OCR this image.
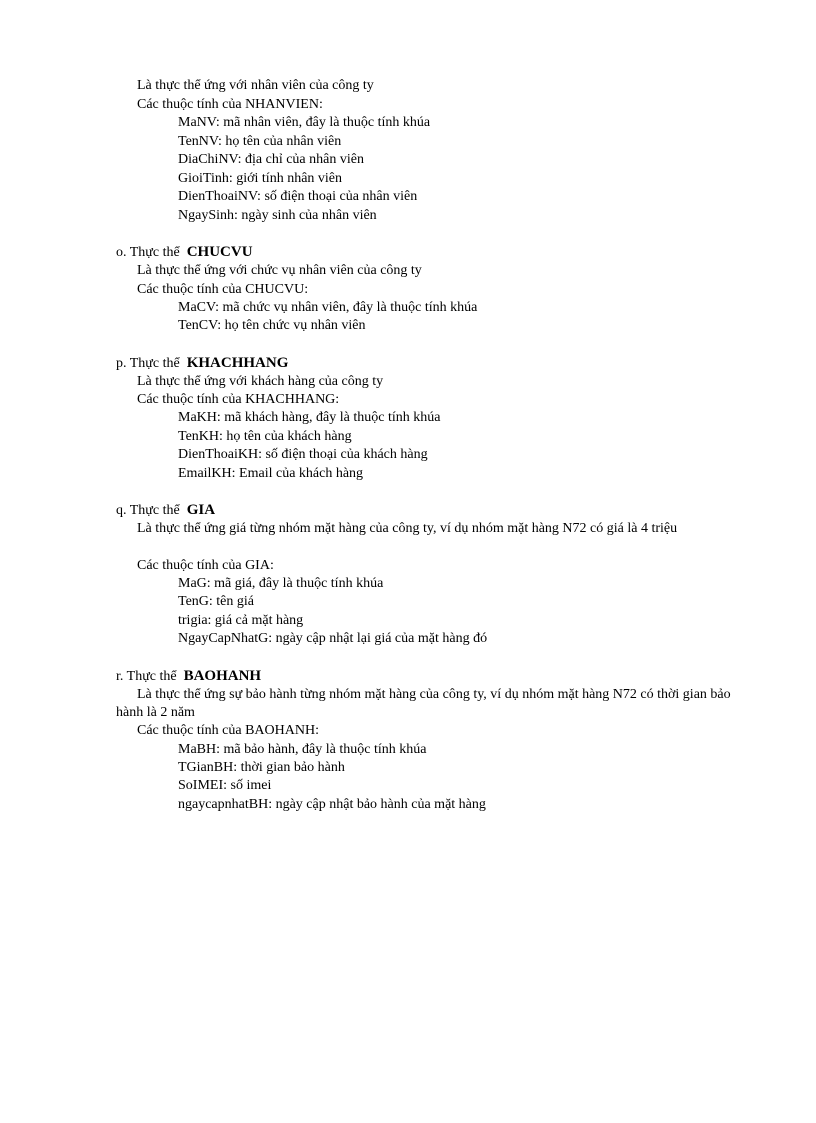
Là thực thể ứng với nhân viên của công ty
Các thuộc tính của NHANVIEN:
MaNV: mã nhân viên, đây là thuộc tính khúa
TenNV: họ tên của nhân viên
DiaChiNV: địa chỉ của nhân viên
GioiTinh: giới tính nhân viên
DienThoaiNV: số điện thoại của nhân viên
NgaySinh: ngày sinh của nhân viên
o. Thực thể CHUCVU
Là thực thể ứng với chức vụ nhân viên của công ty
Các thuộc tính của CHUCVU:
MaCV: mã chức vụ nhân viên, đây là thuộc tính khúa
TenCV: họ tên chức vụ nhân viên
p. Thực thể KHACHHANG
Là thực thể ứng với khách hàng của công ty
Các thuộc tính của KHACHHANG:
MaKH: mã khách hàng, đây là thuộc tính khúa
TenKH: họ tên của khách hàng
DienThoaiKH: số điện thoại của khách hàng
EmailKH: Email của khách hàng
q. Thực thể GIA
Là thực thể ứng giá từng nhóm mặt hàng của công ty, ví dụ nhóm mặt hàng N72 có giá là 4 triệu
Các thuộc tính của GIA:
MaG: mã giá, đây là thuộc tính khúa
TenG: tên giá
trigia: giá cả mặt hàng
NgayCapNhatG: ngày cập nhật lại giá của mặt hàng đó
r. Thực thể BAOHANH
Là thực thể ứng sự bảo hành từng nhóm mặt hàng của công ty, ví dụ nhóm mặt hàng N72 có thời gian bảo hành là 2 năm
Các thuộc tính của BAOHANH:
MaBH: mã bảo hành, đây là thuộc tính khúa
TGianBH: thời gian bảo hành
SoIMEI: số imei
ngaycapnhatBH: ngày cập nhật bảo hành của mặt hàng
